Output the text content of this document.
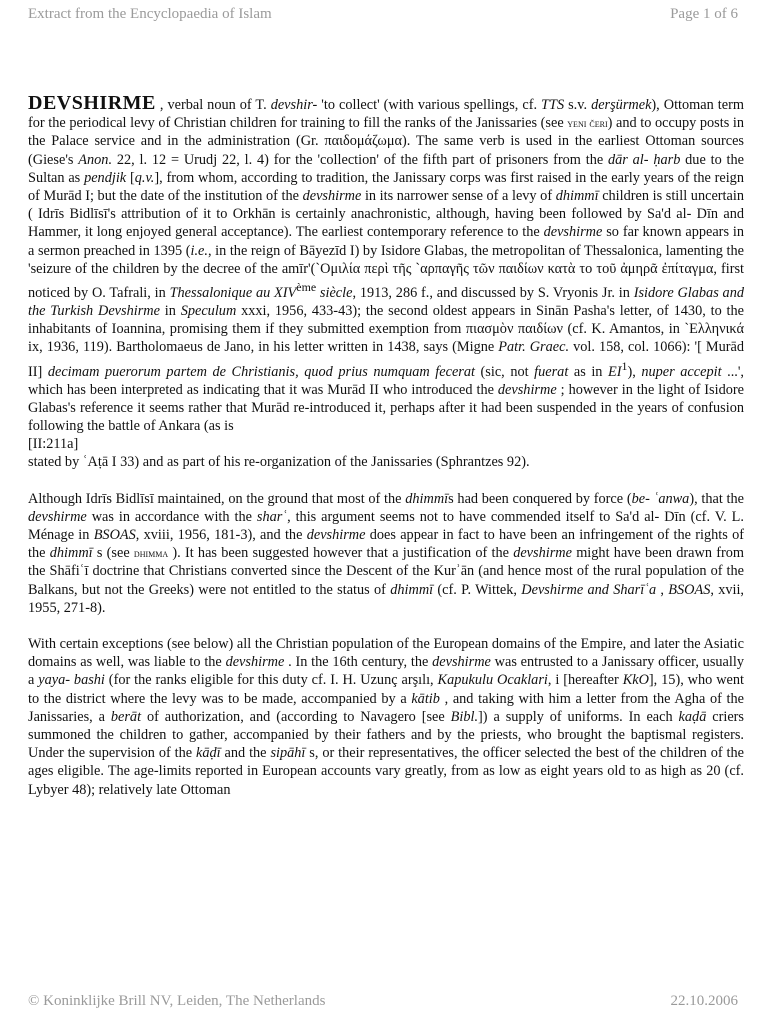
Extract from the Encyclopaedia of Islam	Page 1 of 6

DEVSHIRME , verbal noun of T. devshir- 'to collect' (with various spellings, cf. TTS s.v. derşürmek), Ottoman term for the periodical levy of Christian children for training to fill the ranks of the Janissaries (see yeni čeri) and to occupy posts in the Palace service and in the administration (Gr. παιδομάζωμα). The same verb is used in the earliest Ottoman sources (Giese's Anon. 22, l. 12 = Urudj 22, l. 4) for the 'collection' of the fifth part of prisoners from the dār al- ḥarb due to the Sultan as pendjik [q.v.], from whom, according to tradition, the Janissary corps was first raised in the early years of the reign of Murād I; but the date of the institution of the devshirme in its narrower sense of a levy of dhimmī children is still uncertain ( Idrīs Bidlīsī's attribution of it to Orkhān is certainly anachronistic, although, having been followed by Sa'd al- Dīn and Hammer, it long enjoyed general acceptance). The earliest contemporary reference to the devshirme so far known appears in a sermon preached in 1395 (i.e., in the reign of Bāyezīd I) by Isidore Glabas, the metropolitan of Thessalonica, lamenting the 'seizure of the children by the decree of the amīr'(`Ομιλία περὶ τῆς `αρπαγῆς τῶν παιδίων κατὰ το τοῦ ἀμηρᾶ ἐπίταγμα, first noticed by O. Tafrali, in Thessalonique au XIVème siècle, 1913, 286 f., and discussed by S. Vryonis Jr. in Isidore Glabas and the Turkish Devshirme in Speculum xxxi, 1956, 433-43); the second oldest appears in Sinān Pasha's letter, of 1430, to the inhabitants of Ioannina, promising them if they submitted exemption from πιασμὸν παιδίων (cf. K. Amantos, in `Ελληνικά ix, 1936, 119). Bartholomaeus de Jano, in his letter written in 1438, says (Migne Patr. Graec. vol. 158, col. 1066): '[ Murād II] decimam puerorum partem de Christianis, quod prius numquam fecerat (sic, not fuerat as in $EI^1$), nuper accepit ...', which has been interpreted as indicating that it was Murād II who introduced the devshirme ; however in the light of Isidore Glabas's reference it seems rather that Murād re-introduced it, perhaps after it had been suspended in the years of confusion following the battle of Ankara (as is
[II:211a]
stated by ʿAṭā I 33) and as part of his re-organization of the Janissaries (Sphrantzes 92).

Although Idrīs Bidlīsī maintained, on the ground that most of the dhimmīs had been conquered by force (be- ʿanwa), that the devshirme was in accordance with the sharʿ, this argument seems not to have commended itself to Sa'd al- Dīn (cf. V. L. Ménage in BSOAS, xviii, 1956, 181-3), and the devshirme does appear in fact to have been an infringement of the rights of the dhimmī s (see dhimma ). It has been suggested however that a justification of the devshirme might have been drawn from the Shāfiʿī doctrine that Christians converted since the Descent of the Kurʾān (and hence most of the rural population of the Balkans, but not the Greeks) were not entitled to the status of dhimmī (cf. P. Wittek, Devshirme and Sharīʿa , BSOAS, xvii, 1955, 271-8).

With certain exceptions (see below) all the Christian population of the European domains of the Empire, and later the Asiatic domains as well, was liable to the devshirme . In the 16th century, the devshirme was entrusted to a Janissary officer, usually a yaya- bashi (for the ranks eligible for this duty cf. I. H. Uzunç arşılı, Kapukulu Ocaklari, i [hereafter KkO], 15), who went to the district where the levy was to be made, accompanied by a kātib , and taking with him a letter from the Agha of the Janissaries, a berāt of authorization, and (according to Navagero [see Bibl.]) a supply of uniforms. In each kaḍā criers summoned the children to gather, accompanied by their fathers and by the priests, who brought the baptismal registers. Under the supervision of the kāḍī and the sipāhī s, or their representatives, the officer selected the best of the children of the ages eligible. The age-limits reported in European accounts vary greatly, from as low as eight years old to as high as 20 (cf. Lybyer 48); relatively late Ottoman

© Koninklijke Brill NV, Leiden, The Netherlands	22.10.2006
